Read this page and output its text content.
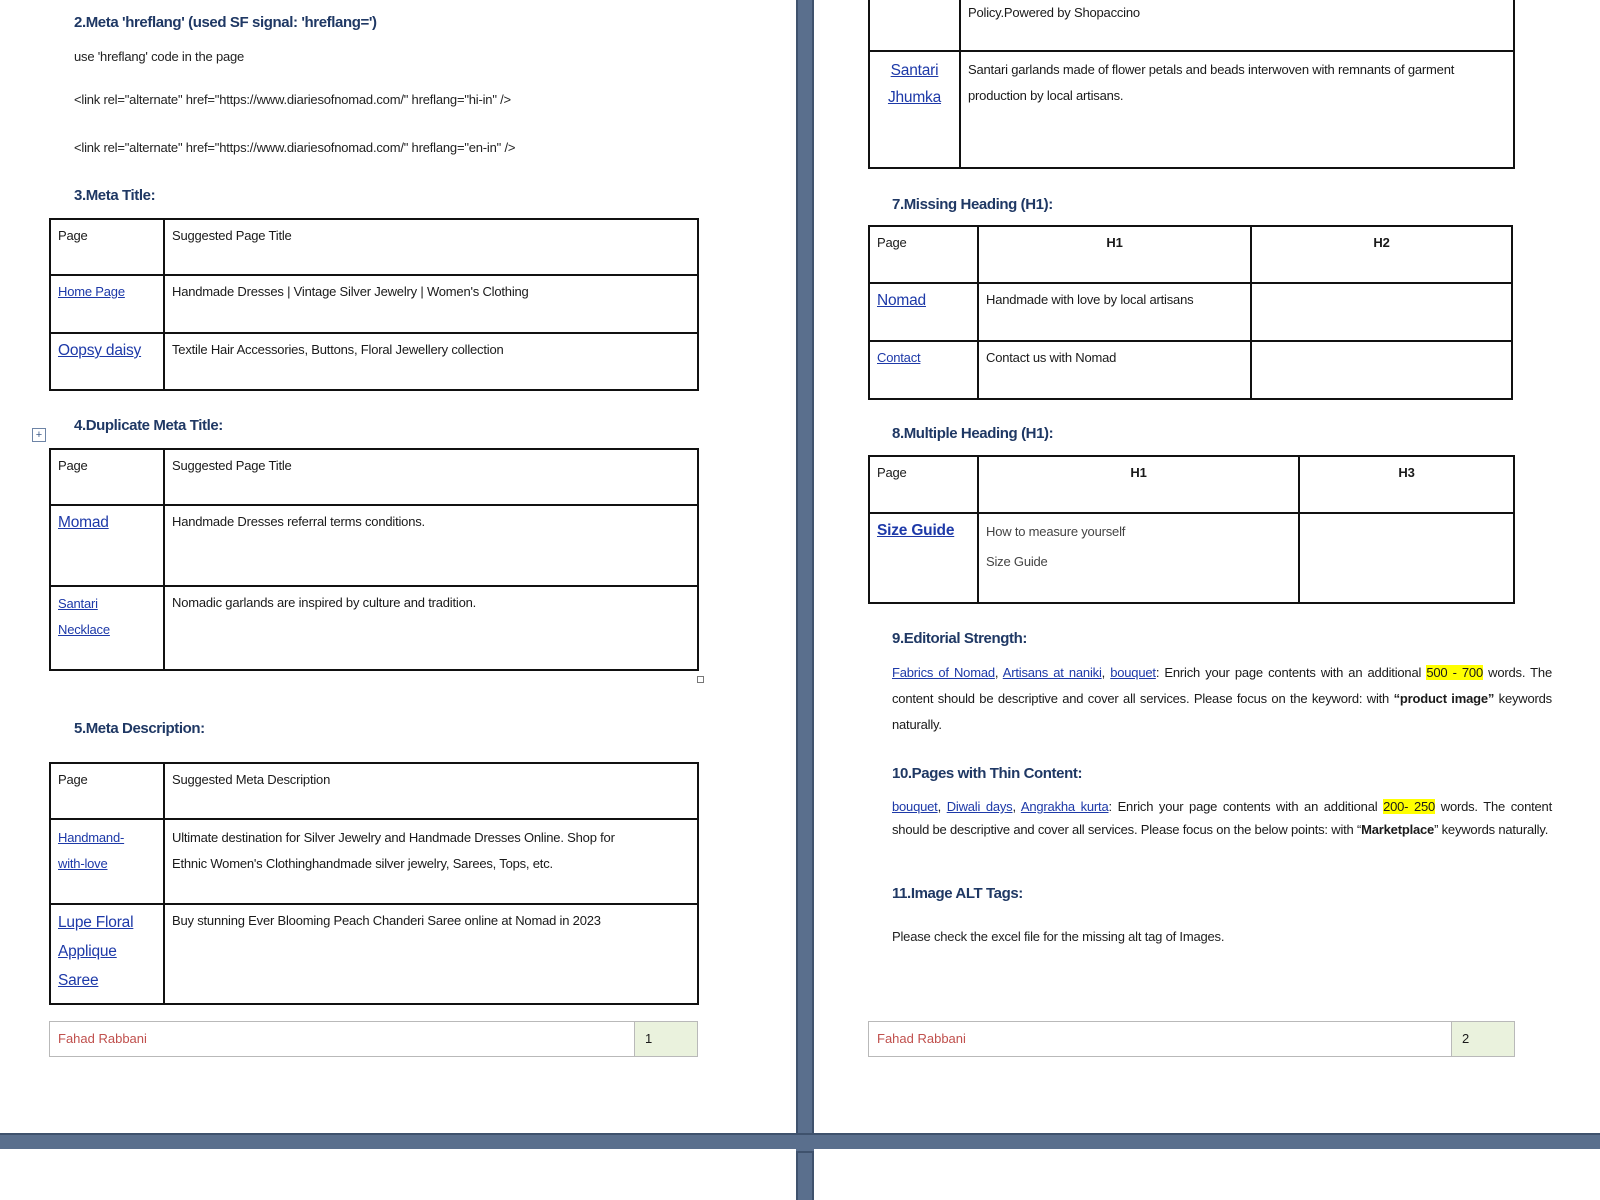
2.Meta 'hreflang' (used SF signal: 'hreflang=')
use 'hreflang' code in the page
<link rel="alternate" href="https://www.diariesofnomad.com/" hreflang="hi-in" />
<link rel="alternate" href="https://www.diariesofnomad.com/" hreflang="en-in" />
3.Meta Title:
Page	Suggested Page Title
Home Page	Handmade Dresses | Vintage Silver Jewelry | Women's Clothing
Oopsy daisy	Textile Hair Accessories, Buttons, Floral Jewellery collection
+
4.Duplicate Meta Title:
Page	Suggested Page Title
Momad	Handmade Dresses referral terms conditions.
Santari
Necklace	Nomadic garlands are inspired by culture and tradition.
5.Meta Description:
Page	Suggested Meta Description
Handmand-
with-love	Ultimate destination for Silver Jewelry and Handmade Dresses Online. Shop for
Ethnic Women's Clothinghandmade silver jewelry, Sarees, Tops, etc.
Lupe Floral
Applique Saree	Buy stunning Ever Blooming Peach Chanderi Saree online at Nomad in 2023
Fahad Rabbani	1
	Policy.Powered by Shopaccino
Santari
Jhumka	Santari garlands made of flower petals and beads interwoven with remnants of garment
production by local artisans.
7.Missing Heading (H1):
Page	H1	H2
Nomad	Handmade with love by local artisans	
Contact	Contact us with Nomad	
8.Multiple Heading (H1):
Page	H1	H3
Size Guide	How to measure yourself
Size Guide	
9.Editorial Strength:
Fabrics of Nomad, Artisans at naniki, bouquet: Enrich your page contents with an additional 500 - 700 words. The content should be descriptive and cover all services. Please focus on the keyword: with “product image” keywords naturally.
10.Pages with Thin Content:
bouquet, Diwali days, Angrakha kurta: Enrich your page contents with an additional 200- 250 words. The content should be descriptive and cover all services. Please focus on the below points: with “Marketplace” keywords naturally.
11.Image ALT Tags:
Please check the excel file for the missing alt tag of Images.
Fahad Rabbani	2
